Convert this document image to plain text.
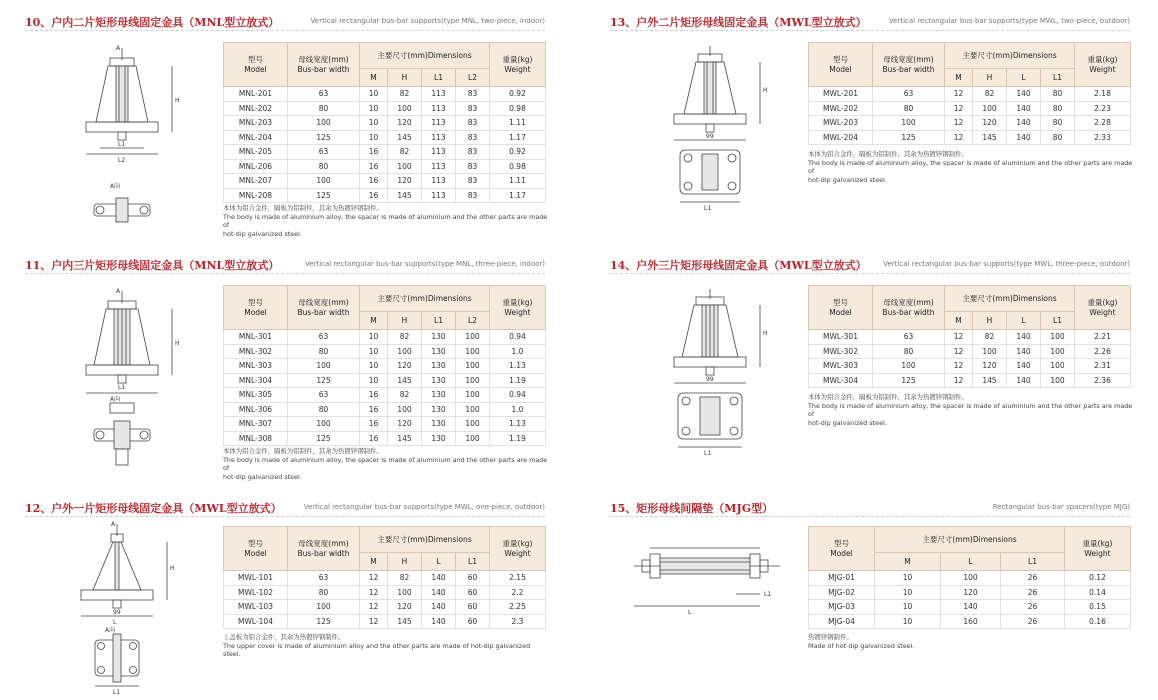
10、户内二片矩形母线固定金具（MNL型立放式）	Vertical rectangular bus-bar supports(type MNL, two-piece, indoor)
A
H
L1
L2
A向
型号
Model	母线宽度(mm)
Bus-bar width	主要尺寸(mm)Dimensions				重量(kg)
Weight

		M	H	L1	L2	
MNL-201	63	10	82	113	83	0.92
MNL-202	80	10	100	113	83	0.98
MNL-203	100	10	120	113	83	1.11
MNL-204	125	10	145	113	83	1.17
MNL-205	63	16	82	113	83	0.92
MNL-206	80	16	100	113	83	0.98
MNL-207	100	16	120	113	83	1.11
MNL-208	125	16	145	113	83	1.17
本体为铝合金件，隔板为铝制件，其余为热镀锌钢制件。
The body is made of aluminium alloy, the spacer is made of aluminium and the other parts are made of
hot-dip galvanized steel.
11、户内三片矩形母线固定金具（MNL型立放式）	Vertical rectangular bus-bar supports(type MNL, three-piece, indoor)
A
H
L1
A向
型号
Model	母线宽度(mm)
Bus-bar width	主要尺寸(mm)Dimensions				重量(kg)
Weight

		M	H	L1	L2	
MNL-301	63	10	82	130	100	0.94
MNL-302	80	10	100	130	100	1.0
MNL-303	100	10	120	130	100	1.13
MNL-304	125	10	145	130	100	1.19
MNL-305	63	16	82	130	100	0.94
MNL-306	80	16	100	130	100	1.0
MNL-307	100	16	120	130	100	1.13
MNL-308	125	16	145	130	100	1.19
本体为铝合金件，隔板为铝制件，其余为热镀锌钢制件。
The body is made of aluminium alloy, the spacer is made of aluminium and the other parts are made of
hot-dip galvanized steel.
12、户外一片矩形母线固定金具（MWL型立放式）	Vertical rectangular bus-bar supports(type MWL, one-piece, outdoor)
A
H
99
L
A向
L1
型号
Model	母线宽度(mm)
Bus-bar width	主要尺寸(mm)Dimensions				重量(kg)
Weight

		M	H	L	L1	
MWL-101	63	12	82	140	60	2.15
MWL-102	80	12	100	140	60	2.2
MWL-103	100	12	120	140	60	2.25
MWL-104	125	12	145	140	60	2.3
上盖板为铝合金件，其余为热镀锌钢制件。
The upper cover is made of aluminium alloy and the other parts are made of hot-dip galvanized steel.
13、户外二片矩形母线固定金具（MWL型立放式）	Vertical rectangular bus-bar supports(type MWL, two-piece, outdoor)
H
99
L1
型号
Model	母线宽度(mm)
Bus-bar width	主要尺寸(mm)Dimensions				重量(kg)
Weight

		M	H	L	L1	
MWL-201	63	12	82	140	80	2.18
MWL-202	80	12	100	140	80	2.23
MWL-203	100	12	120	140	80	2.28
MWL-204	125	12	145	140	80	2.33
本体为铝合金件，隔板为铝制件，其余为热镀锌钢制件。
The body is made of aluminium alloy, the spacer is made of aluminium and the other parts are made of
hot-dip galvanized steel.
14、户外三片矩形母线固定金具（MWL型立放式） Vertical rectangular bus-bar supports(type MWL, three-piece, outdoor)
H
99
L1
型号
Model	母线宽度(mm)
Bus-bar width	主要尺寸(mm)Dimensions				重量(kg)
Weight

		M	H	L	L1	
MWL-301	63	12	82	140	100	2.21
MWL-302	80	12	100	140	100	2.26
MWL-303	100	12	120	140	100	2.31
MWL-304	125	12	145	140	100	2.36
本体为铝合金件，隔板为铝制件，其余为热镀锌钢制件。
The body is made of aluminium alloy, the spacer is made of aluminium and the other parts are made of
hot-dip galvanized steel.
15、矩形母线间隔垫（MJG型）	Rectangular bus-bar spacers(type MJG)
L
L1
型号
Model	主要尺寸(mm)Dimensions			重量(kg)
Weight

	M	L	L1	
MJG-01	10	100	26	0.12
MJG-02	10	120	26	0.14
MJG-03	10	140	26	0.15
MJG-04	10	160	26	0.16
热镀锌钢制件。
Made of hot-dip galvanized steel.
